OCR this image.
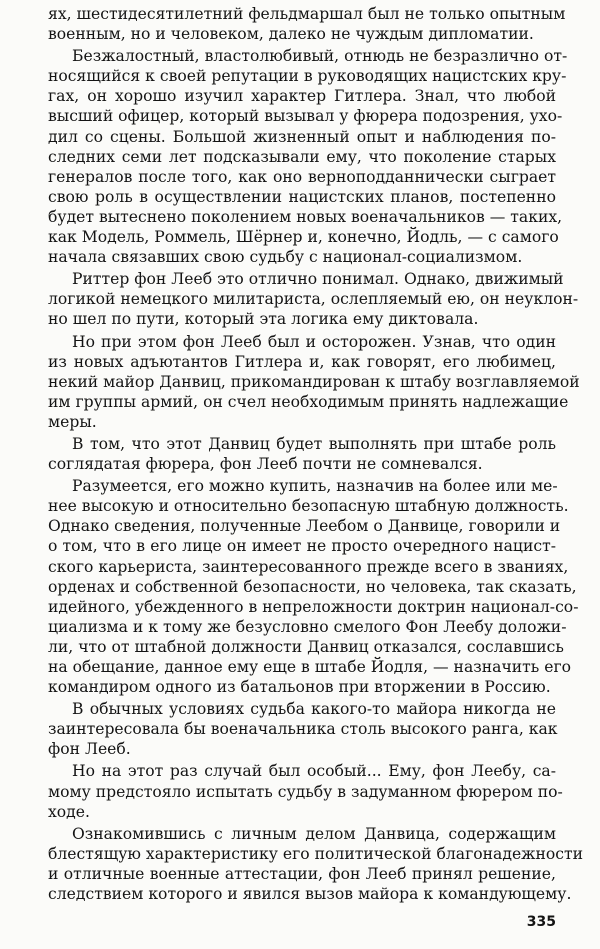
ях, шестидесятилетний фельдмаршал был не только опытным
военным, но и человеком, далеко не чуждым дипломатии.

Безжалостный, властолюбивый, отнюдь не безразлично от-
носящийся к своей репутации в руководящих нацистских кру-
гах, он хорошо изучил характер Гитлера. Знал, что любой
высший офицер, который вызывал у фюрера подозрения, ухо-
дил со сцены. Большой жизненный опыт и наблюдения по-
следних семи лет подсказывали ему, что поколение старых
генералов после того, как оно верноподданнически сыграет
свою роль в осуществлении нацистских планов, постепенно
будет вытеснено поколением новых военачальников — таких,
как Модель, Роммель, Шёрнер и, конечно, Йодль, — с самого
начала связавших свою судьбу с национал-социализмом.

Риттер фон Лееб это отлично понимал. Однако, движимый
логикой немецкого милитариста, ослепляемый ею, он неуклон-
но шел по пути, который эта логика ему диктовала.

Но при этом фон Лееб был и осторожен. Узнав, что один
из новых адъютантов Гитлера и, как говорят, его любимец,
некий майор Данвиц, прикомандирован к штабу возглавляемой
им группы армий, он счел необходимым принять надлежащие
меры.

В том, что этот Данвиц будет выполнять при штабе роль
соглядатая фюрера, фон Лееб почти не сомневался.

Разумеется, его можно купить, назначив на более или ме-
нее высокую и относительно безопасную штабную должность.
Однако сведения, полученные Леебом о Данвице, говорили и
о том, что в его лице он имеет не просто очередного нацист-
ского карьериста, заинтересованного прежде всего в званиях,
орденах и собственной безопасности, но человека, так сказать,
идейного, убежденного в непреложности доктрин национал-со-
циализма и к тому же безусловно смелого Фон Леебу доложи-
ли, что от штабной должности Данвиц отказался, сославшись
на обещание, данное ему еще в штабе Йодля, — назначить его
командиром одного из батальонов при вторжении в Россию.

В обычных условиях судьба какого-то майора никогда не
заинтересовала бы военачальника столь высокого ранга, как
фон Лееб.

Но на этот раз случай был особый... Ему, фон Леебу, са-
мому предстояло испытать судьбу в задуманном фюрером по-
ходе.

Ознакомившись с личным делом Данвица, содержащим
блестящую характеристику его политической благонадежности
и отличные военные аттестации, фон Лееб принял решение,
следствием которого и явился вызов майора к командующему.

335
